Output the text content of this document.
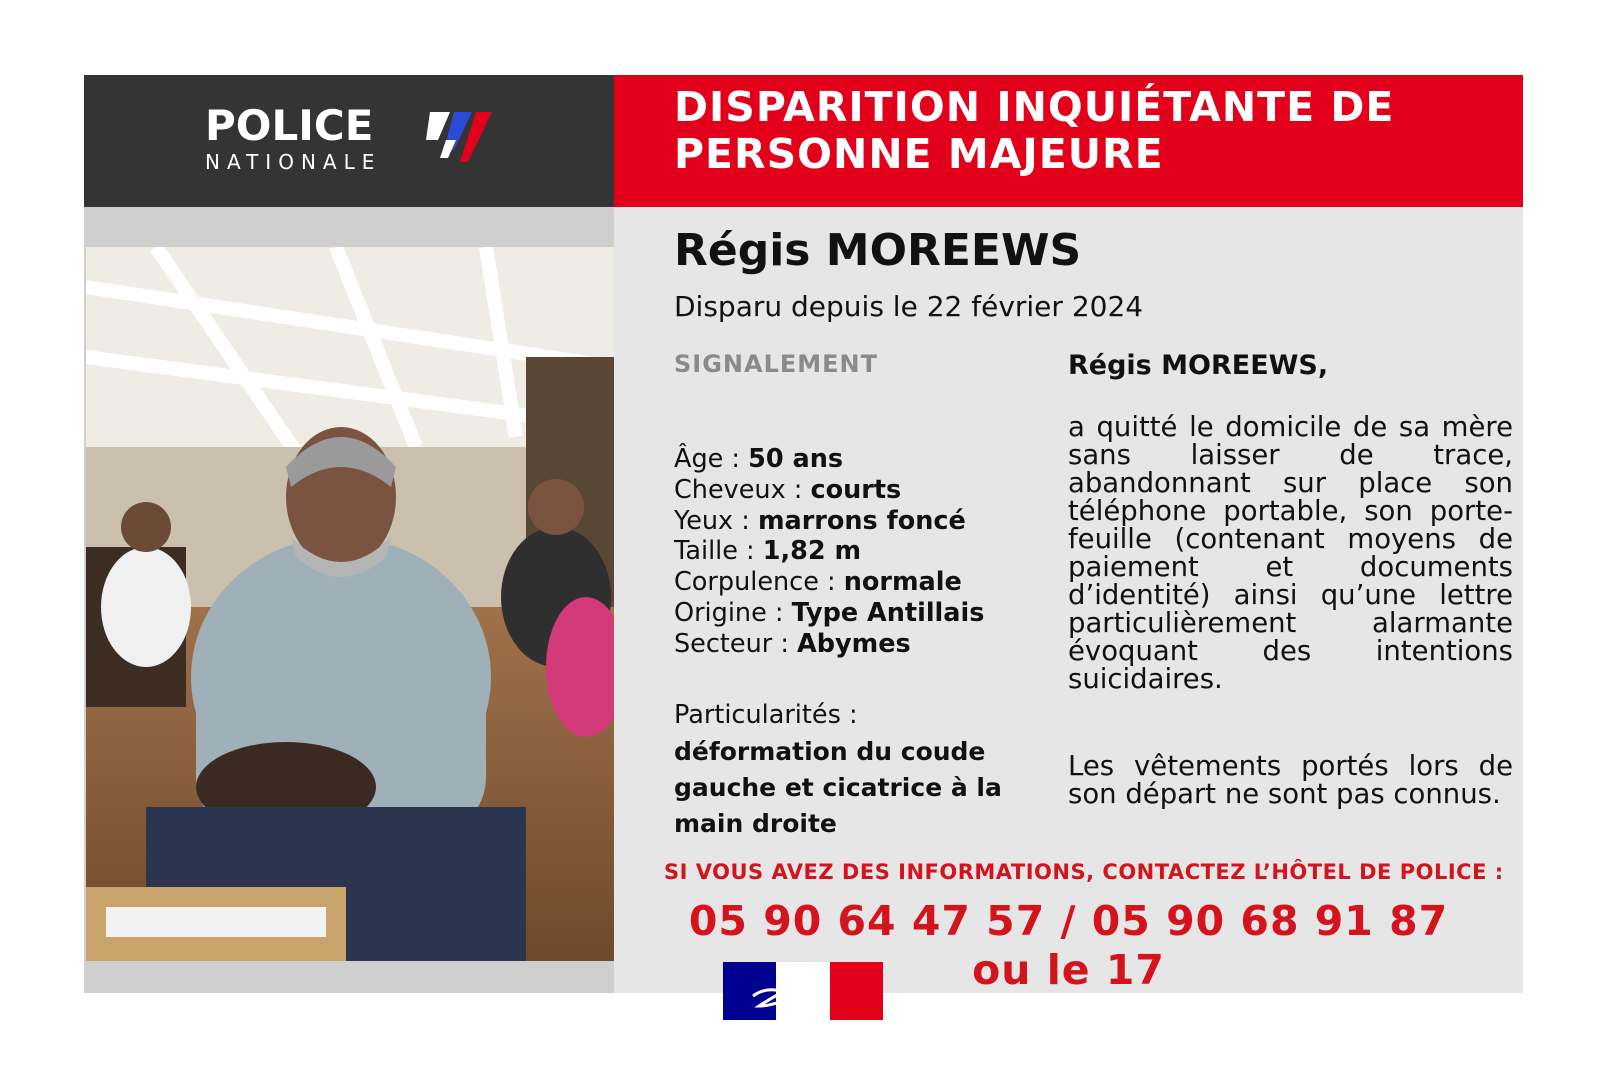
POLICE
NATIONALE
DISPARITION INQUIÉTANTE DE PERSONNE MAJEURE
Régis MOREEWS
Disparu depuis le 22 février 2024
SIGNALEMENT
Âge : 50 ans
Cheveux : courts
Yeux : marrons foncé
Taille : 1,82 m
Corpulence : normale
Origine : Type Antillais
Secteur : Abymes
Particularités :
déformation du coude gauche et cicatrice à la main droite
Régis MOREEWS,
a quitté le domicile de sa mère sans laisser de trace, abandonnant sur place son téléphone portable, son porte-feuille (contenant moyens de paiement et documents d’identité) ainsi qu’une lettre particulièrement alarmante évoquant des intentions suicidaires.
Les vêtements portés lors de son départ ne sont pas connus.
SI VOUS AVEZ DES INFORMATIONS, CONTACTEZ L’HÔTEL DE POLICE :
05 90 64 47 57 / 05 90 68 91 87
ou le 17
